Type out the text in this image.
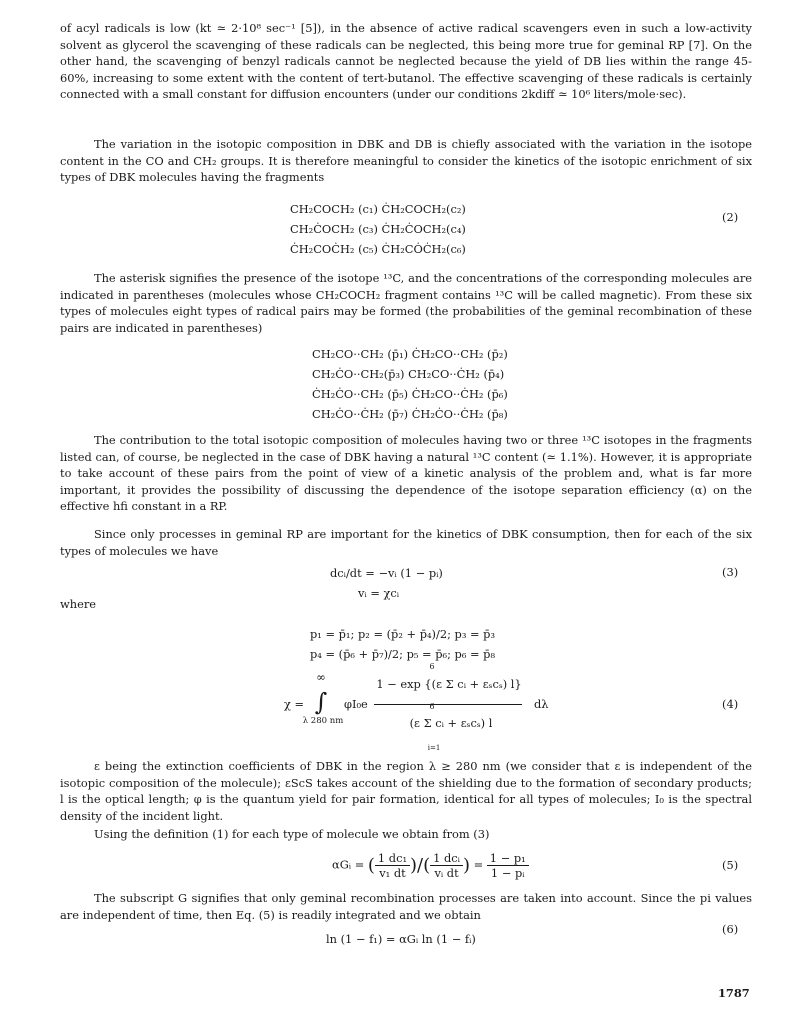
of acyl radicals is low (kt ≃ 2·10⁸ sec⁻¹ [5]), in the absence of active radical scavengers even in such a low-activity solvent as glycerol the scavenging of these radicals can be neglected, this being more true for geminal RP [7]. On the other hand, the scavenging of benzyl radicals cannot be neglected because the yield of DB lies within the range 45-60%, increasing to some extent with the content of tert-butanol. The effective scavenging of these radicals is certainly connected with a small constant for diffusion encounters (under our conditions 2kdiff ≃ 10⁶ liters/mole·sec).

The variation in the isotopic composition in DBK and DB is chiefly associated with the variation in the isotope content in the CO and CH₂ groups. It is therefore meaningful to consider the kinetics of the isotopic enrichment of six types of DBK molecules having the fragments

CH₂COCH₂ (c₁) ĊH₂COCH₂(c₂)
CH₂ĊOCH₂ (c₃) ĊH₂ĊOCH₂(c₄)
ĊH₂COĊH₂ (c₅) ĊH₂CȮĊH₂(c₆)
(2)

The asterisk signifies the presence of the isotope ¹³C, and the concentrations of the corresponding molecules are indicated in parentheses (molecules whose CH₂COCH₂ fragment contains ¹³C will be called magnetic). From these six types of molecules eight types of radical pairs may be formed (the probabilities of the geminal recombination of these pairs are indicated in parentheses)

CH₂CO··CH₂ (p̄₁) ĊH₂CO··CH₂ (p̄₂)
CH₂ĊO··CH₂(p̄₃) CH₂CO··ĊH₂ (p̄₄)
ĊH₂ĊO··CH₂ (p̄₅) ĊH₂CO··ĊH₂ (p̄₆)
CH₂ĊO··ĊH₂ (p̄₇) ĊH₂ĊO··ĊH₂ (p̄₈)

The contribution to the total isotopic composition of molecules having two or three ¹³C isotopes in the fragments listed can, of course, be neglected in the case of DBK having a natural ¹³C content (≃ 1.1%). However, it is appropriate to take account of these pairs from the point of view of a kinetic analysis of the problem and, what is far more important, it provides the possibility of discussing the dependence of the isotope separation efficiency (α) on the effective hfi constant in a RP.

Since only processes in geminal RP are important for the kinetics of DBK consumption, then for each of the six types of molecules we have

dcᵢ/dt = −vᵢ (1 − pᵢ)
vᵢ = χcᵢ
(3)
where
p₁ = p̄₁; p₂ = (p̄₂ + p̄₄)/2; p₃ = p̄₃
p₄ = (p̄₆ + p̄₇)/2; p₅ = p̄₆; p₆ = p̄₈
χ =
∞
∫
λ 280 nm
φI₀e
1 − exp {(ε Σ cᵢ + εₛcₛ) l}
(ε Σ cᵢ + εₛcₛ) l
6
6
i=1
dλ	(4)

ε being the extinction coefficients of DBK in the region λ ≥ 280 nm (we consider that ε is independent of the isotopic composition of the molecule); εScS takes account of the shielding due to the formation of secondary products; l is the optical length; φ is the quantum yield for pair formation, identical for all types of molecules; I₀ is the spectral density of the incident light.

Using the definition (1) for each type of molecule we obtain from (3)

αGᵢ = ( $\frac{\text{1 dc₁}}{\text{v₁ dt}}$ )/( $\frac{\text{1 dcᵢ}}{\text{vᵢ dt}}$ ) = $\frac{\text{1 − p₁}}{\text{1 − pᵢ}}$	(5)

The subscript G signifies that only geminal recombination processes are taken into account. Since the pi values are independent of time, then Eq. (5) is readily integrated and we obtain

ln (1 − f₁) = αGᵢ ln (1 − fᵢ)
(6)
1787
